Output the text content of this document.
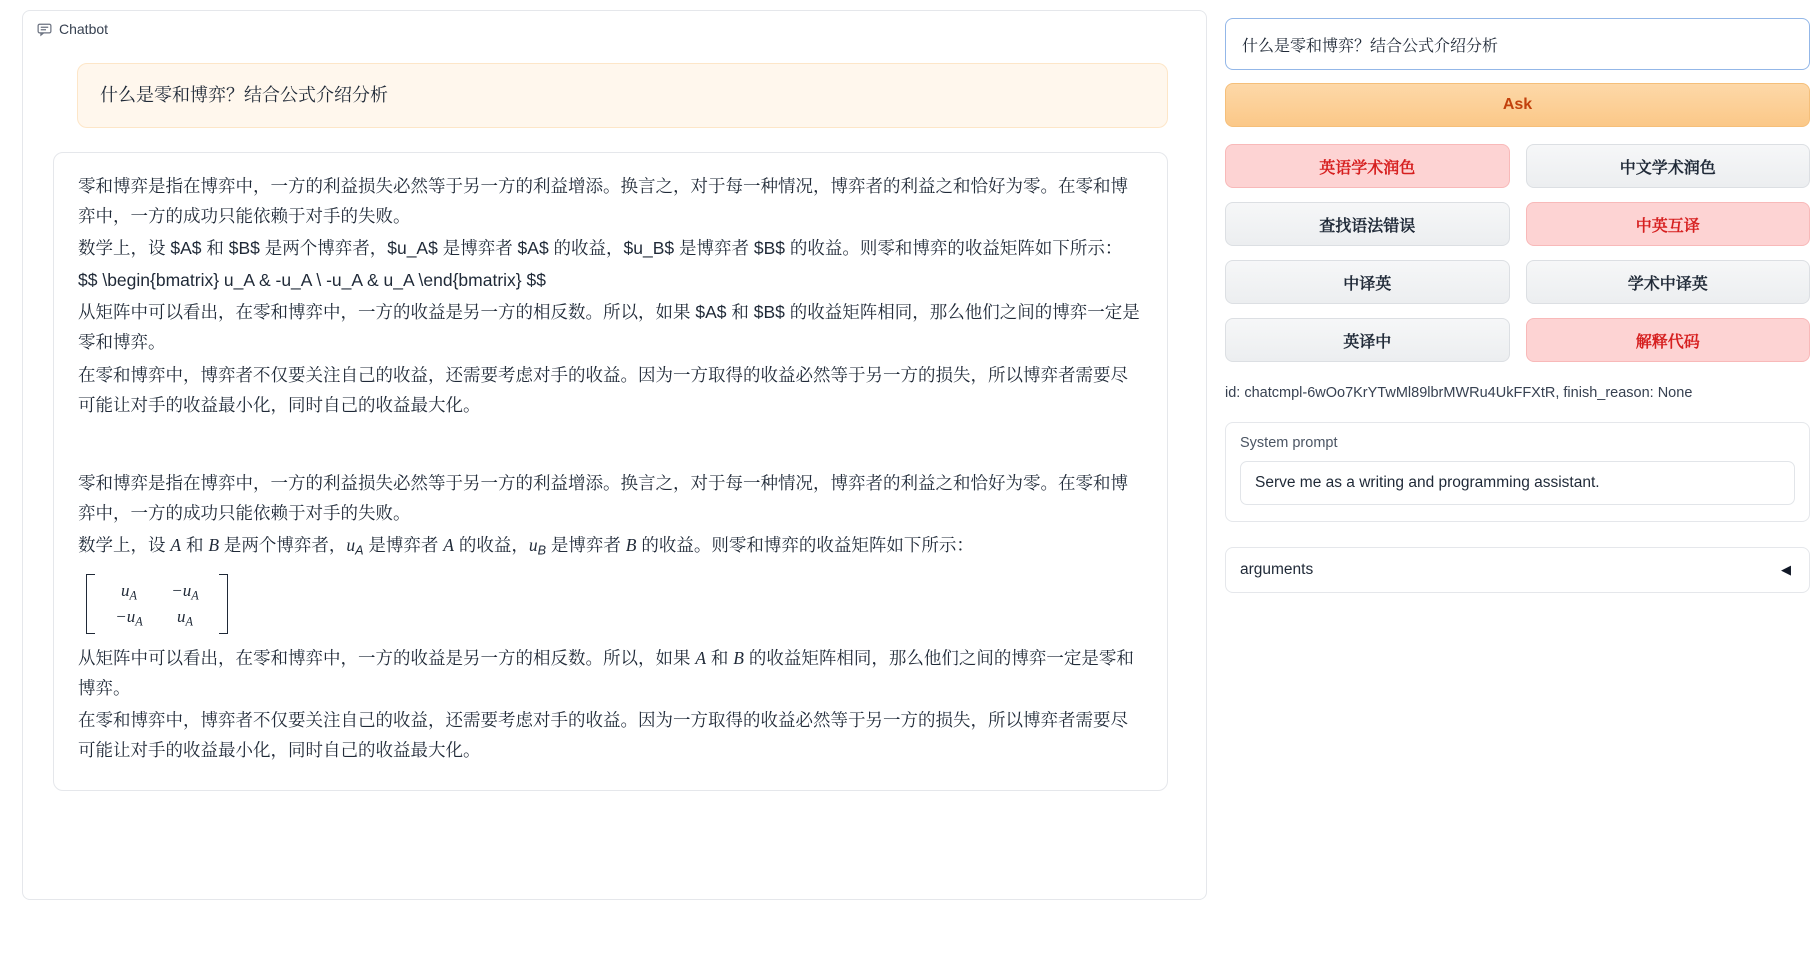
Chatbot
什么是零和博弈？结合公式介绍分析

零和博弈是指在博弈中，一方的利益损失必然等于另一方的利益增添。换言之，对于每一种情况，博弈者的利益之和恰好为零。在零和博弈中，一方的成功只能依赖于对手的失败。

数学上，设 $A$ 和 $B$ 是两个博弈者，$u_A$ 是博弈者 $A$ 的收益，$u_B$ 是博弈者 $B$ 的收益。则零和博弈的收益矩阵如下所示：

$$ \begin{bmatrix} u_A & -u_A \ -u_A & u_A \end{bmatrix} $$

从矩阵中可以看出，在零和博弈中，一方的收益是另一方的相反数。所以，如果 $A$ 和 $B$ 的收益矩阵相同，那么他们之间的博弈一定是零和博弈。

在零和博弈中，博弈者不仅要关注自己的收益，还需要考虑对手的收益。因为一方取得的收益必然等于另一方的损失，所以博弈者需要尽可能让对手的收益最小化，同时自己的收益最大化。

零和博弈是指在博弈中，一方的利益损失必然等于另一方的利益增添。换言之，对于每一种情况，博弈者的利益之和恰好为零。在零和博弈中，一方的成功只能依赖于对手的失败。

数学上，设 A 和 B 是两个博弈者，$u_A$ 是博弈者 A 的收益，$u_B$ 是博弈者 B 的收益。则零和博弈的收益矩阵如下所示：

$u_A -u_A$
$-u_A$ $u_A$

从矩阵中可以看出，在零和博弈中，一方的收益是另一方的相反数。所以，如果 A 和 B 的收益矩阵相同，那么他们之间的博弈一定是零和博弈。

在零和博弈中，博弈者不仅要关注自己的收益，还需要考虑对手的收益。因为一方取得的收益必然等于另一方的损失，所以博弈者需要尽可能让对手的收益最小化，同时自己的收益最大化。

什么是零和博弈？结合公式介绍分析
Ask
英语学术润色	中文学术润色
查找语法错误	中英互译
中译英	学术中译英
英译中	解释代码
id: chatcmpl-6wOo7KrYTwMl89lbrMWRu4UkFFXtR, finish_reason: None
System prompt
Serve me as a writing and programming assistant.
arguments	◀
